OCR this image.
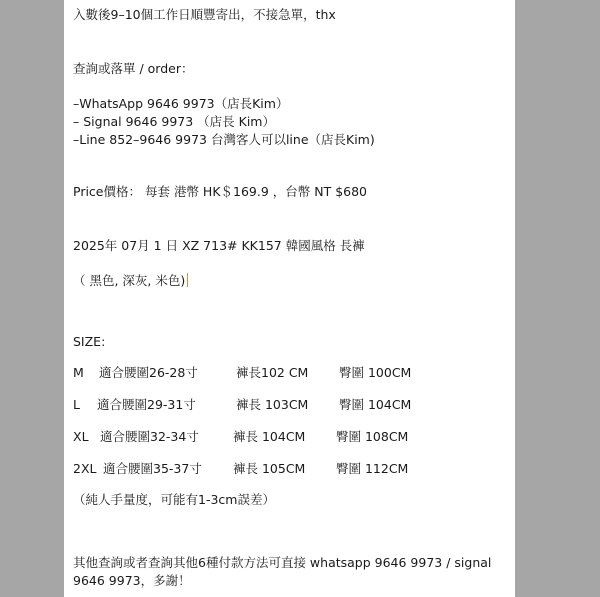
入數後9–10個工作日順豐寄出，不接急單，thx
查詢或落單 / order：
–WhatsApp 9646 9973（店長Kim）
– Signal 9646 9973 （店長 Kim）
–Line 852–9646 9973 台灣客人可以line（店長Kim)
Price價格： 每套 港幣 HK＄169.9 ，台幣 NT $680
2025年 07月 1 日 XZ 713# KK157 韓國風格 長褲
（ 黑色, 深灰, 米色)
SIZE:
M 適合腰圍26-28寸	褲長102 CM 臀圍 100CM
L 適合腰圍29-31寸	褲長 103CM 臀圍 104CM
XL 適合腰圍32-34寸	褲長 104CM 臀圍 108CM
2XL 適合腰圍35-37寸 褲長 105CM 臀圍 112CM
（純人手量度，可能有1-3cm誤差）
其他查詢或者查詢其他6種付款方法可直接 whatsapp 9646 9973 / signal
9646 9973，多謝！
